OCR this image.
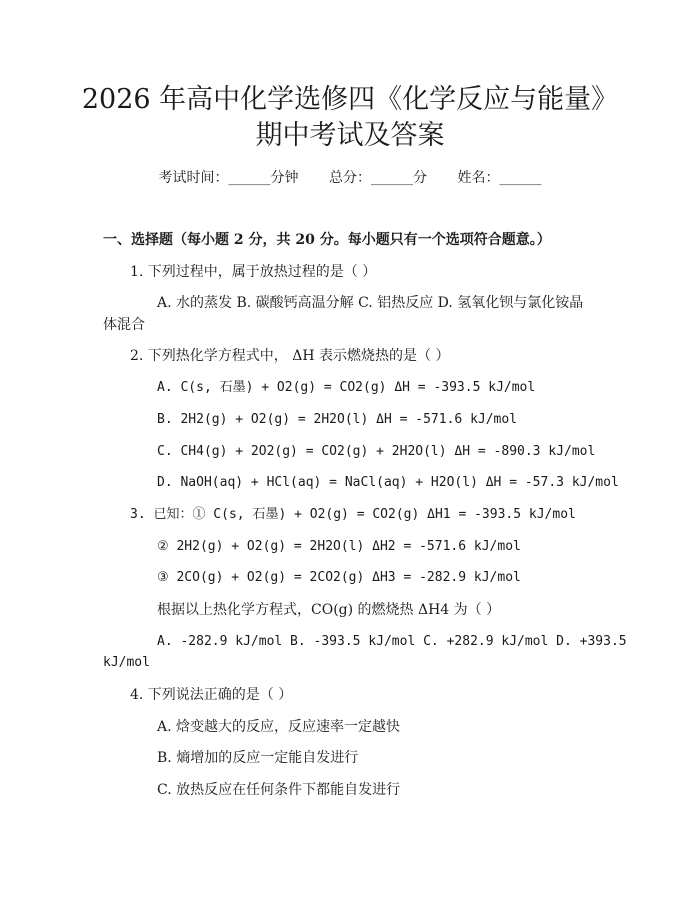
2026 年高中化学选修四《化学反应与能量》
期中考试及答案
考试时间：______分钟 总分：______分 姓名：______
一、选择题（每小题 2 分，共 20 分。每小题只有一个选项符合题意。）
1. 下列过程中，属于放热过程的是（ ）
A. 水的蒸发 B. 碳酸钙高温分解 C. 铝热反应 D. 氢氧化钡与氯化铵晶
体混合
2. 下列热化学方程式中， ΔH 表示燃烧热的是（ ）
A. C(s, 石墨) + O2(g) = CO2(g) ΔH = -393.5 kJ/mol
B. 2H2(g) + O2(g) = 2H2O(l) ΔH = -571.6 kJ/mol
C. CH4(g) + 2O2(g) = CO2(g) + 2H2O(l) ΔH = -890.3 kJ/mol
D. NaOH(aq) + HCl(aq) = NaCl(aq) + H2O(l) ΔH = -57.3 kJ/mol
3. 已知：① C(s, 石墨) + O2(g) = CO2(g) ΔH1 = -393.5 kJ/mol
② 2H2(g) + O2(g) = 2H2O(l) ΔH2 = -571.6 kJ/mol
③ 2CO(g) + O2(g) = 2CO2(g) ΔH3 = -282.9 kJ/mol
根据以上热化学方程式，CO(g) 的燃烧热 ΔH4 为（ ）
A. -282.9 kJ/mol B. -393.5 kJ/mol C. +282.9 kJ/mol D. +393.5
kJ/mol
4. 下列说法正确的是（ ）
A. 焓变越大的反应，反应速率一定越快
B. 熵增加的反应一定能自发进行
C. 放热反应在任何条件下都能自发进行
